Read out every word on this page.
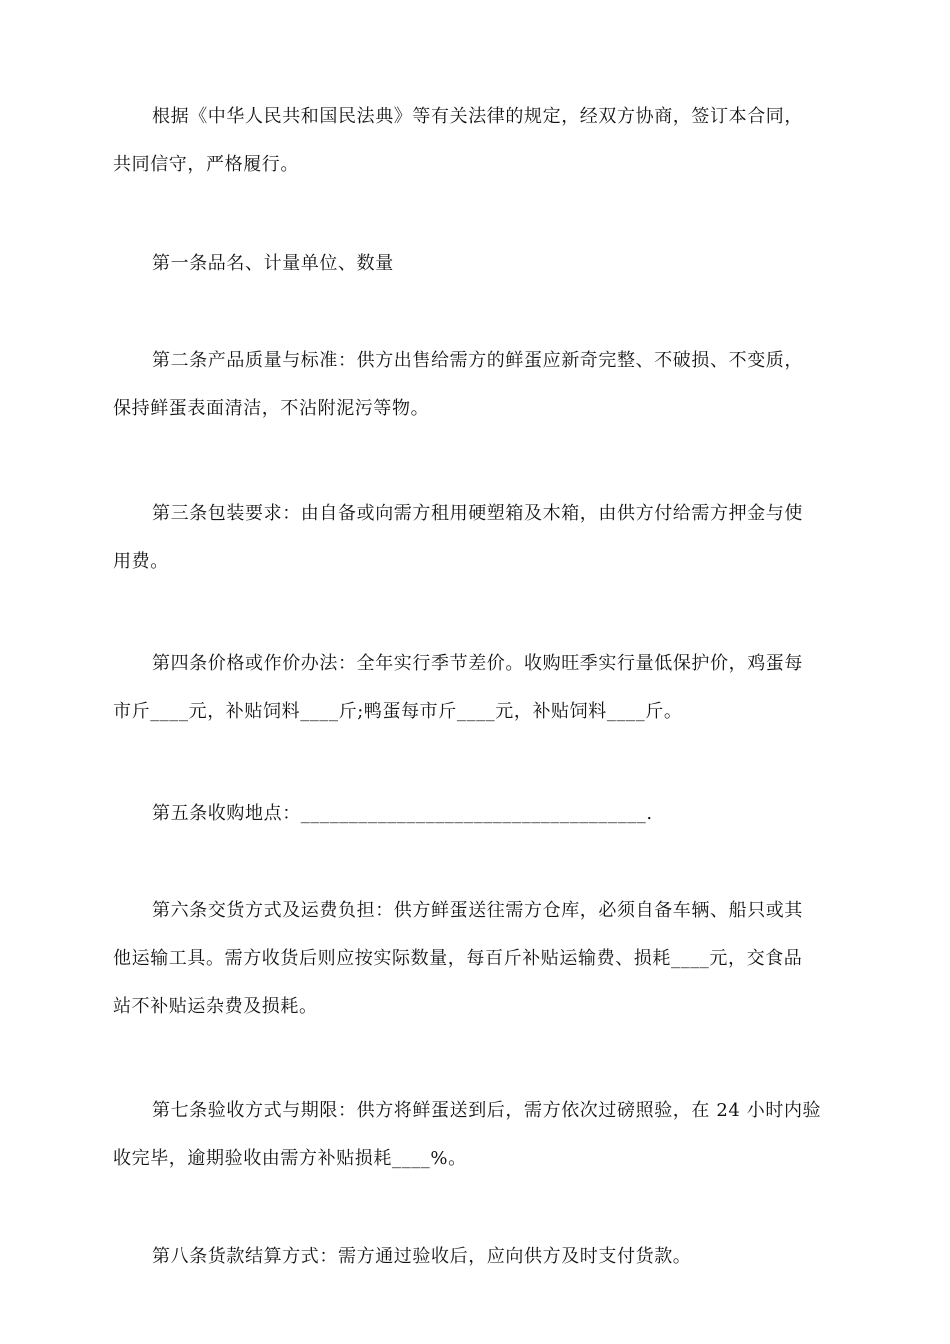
根据《中华人民共和国民法典》等有关法律的规定，经双方协商，签订本合同，
共同信守，严格履行。

第一条品名、计量单位、数量

第二条产品质量与标准：供方出售给需方的鲜蛋应新奇完整、不破损、不变质，
保持鲜蛋表面清洁，不沾附泥污等物。

第三条包装要求：由自备或向需方租用硬塑箱及木箱，由供方付给需方押金与使
用费。

第四条价格或作价办法：全年实行季节差价。收购旺季实行量低保护价，鸡蛋每
市斤____元，补贴饲料____斤;鸭蛋每市斤____元，补贴饲料____斤。

第五条收购地点：____________________________________.

第六条交货方式及运费负担：供方鲜蛋送往需方仓库，必须自备车辆、船只或其
他运输工具。需方收货后则应按实际数量，每百斤补贴运输费、损耗____元，交食品
站不补贴运杂费及损耗。

第七条验收方式与期限：供方将鲜蛋送到后，需方依次过磅照验，在 24 小时内验
收完毕，逾期验收由需方补贴损耗____%。

第八条货款结算方式：需方通过验收后，应向供方及时支付货款。
